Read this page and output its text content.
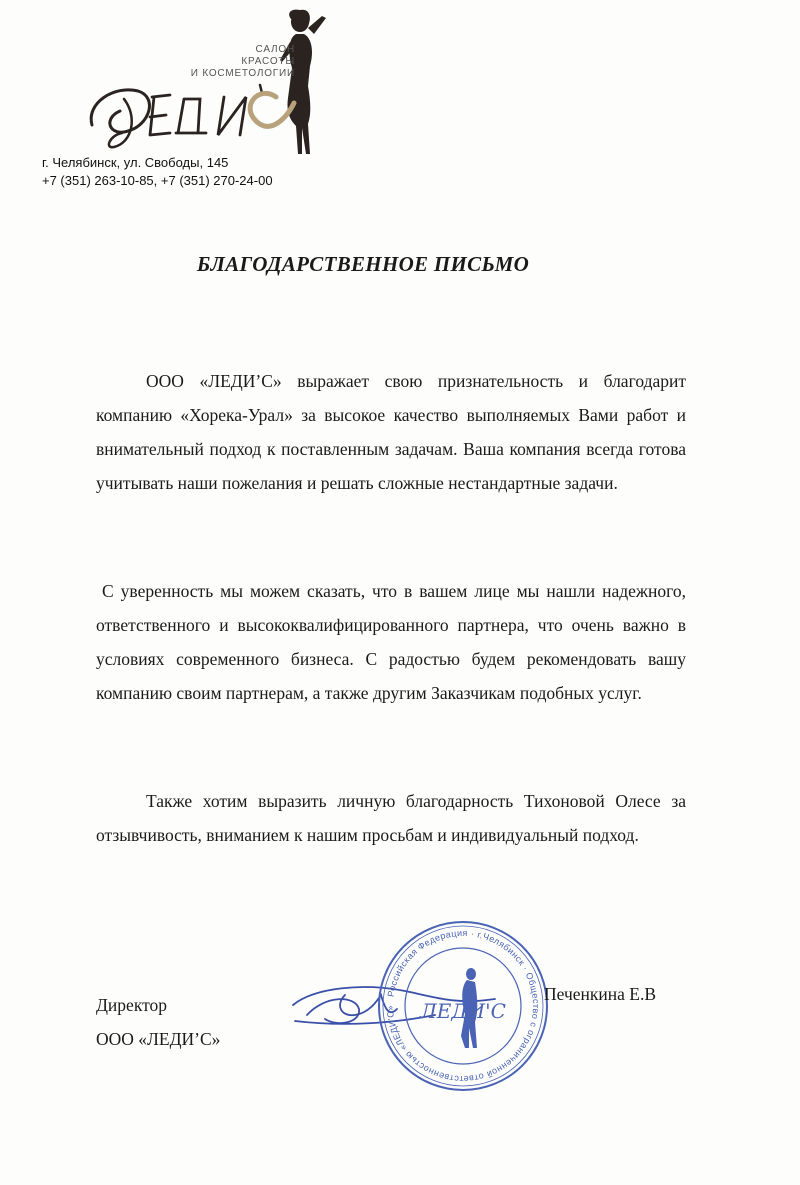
САЛОН
КРАСОТЫ
И КОСМЕТОЛОГИИ
г. Челябинск, ул. Свободы, 145
+7 (351) 263-10-85, +7 (351) 270-24-00
БЛАГОДАРСТВЕННОЕ ПИСЬМО
ООО «ЛЕДИ’С» выражает свою признательность и благодарит компанию «Хорека-Урал» за высокое качество выполняемых Вами работ и внимательный подход к поставленным задачам. Ваша компания всегда готова учитывать наши пожелания и решать сложные нестандартные задачи.
С уверенность мы можем сказать, что в вашем лице мы нашли надежного, ответственного и высококвалифицированного партнера, что очень важно в условиях современного бизнеса. С радостью будем рекомендовать вашу компанию своим партнерам, а также другим Заказчикам подобных услуг.
Также хотим выразить личную благодарность Тихоновой Олесе за отзывчивость, вниманием к нашим просьбам и индивидуальный подход.
Директор
ООО «ЛЕДИ’С»
Российская Федерация · г.Челябинск · Общество с ограниченной ответственностью «ЛЕДИ'С»	ЛЕДИ'С
Печенкина Е.В
